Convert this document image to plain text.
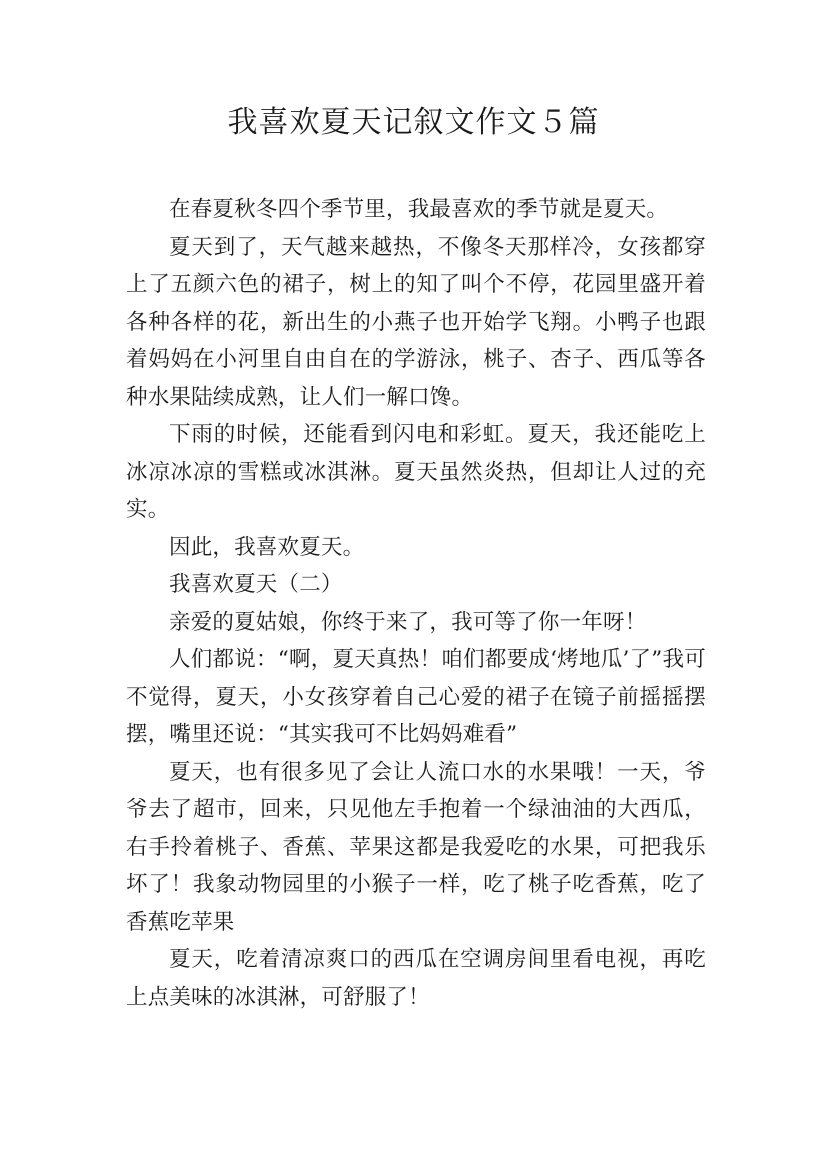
我喜欢夏天记叙文作文５篇

在春夏秋冬四个季节里，我最喜欢的季节就是夏天。

夏天到了，天气越来越热，不像冬天那样冷，女孩都穿上了五颜六色的裙子，树上的知了叫个不停，花园里盛开着各种各样的花，新出生的小燕子也开始学飞翔。小鸭子也跟着妈妈在小河里自由自在的学游泳，桃子、杏子、西瓜等各种水果陆续成熟，让人们一解口馋。

下雨的时候，还能看到闪电和彩虹。夏天，我还能吃上冰凉冰凉的雪糕或冰淇淋。夏天虽然炎热，但却让人过的充实。

因此，我喜欢夏天。

我喜欢夏天（二）

亲爱的夏姑娘，你终于来了，我可等了你一年呀！

人们都说：“啊，夏天真热！咱们都要成‘烤地瓜’了”我可不觉得，夏天，小女孩穿着自己心爱的裙子在镜子前摇摇摆摆，嘴里还说：“其实我可不比妈妈难看”

夏天，也有很多见了会让人流口水的水果哦！一天，爷爷去了超市，回来，只见他左手抱着一个绿油油的大西瓜，右手拎着桃子、香蕉、苹果这都是我爱吃的水果，可把我乐坏了！我象动物园里的小猴子一样，吃了桃子吃香蕉，吃了香蕉吃苹果

夏天，吃着清凉爽口的西瓜在空调房间里看电视，再吃上点美味的冰淇淋，可舒服了！
